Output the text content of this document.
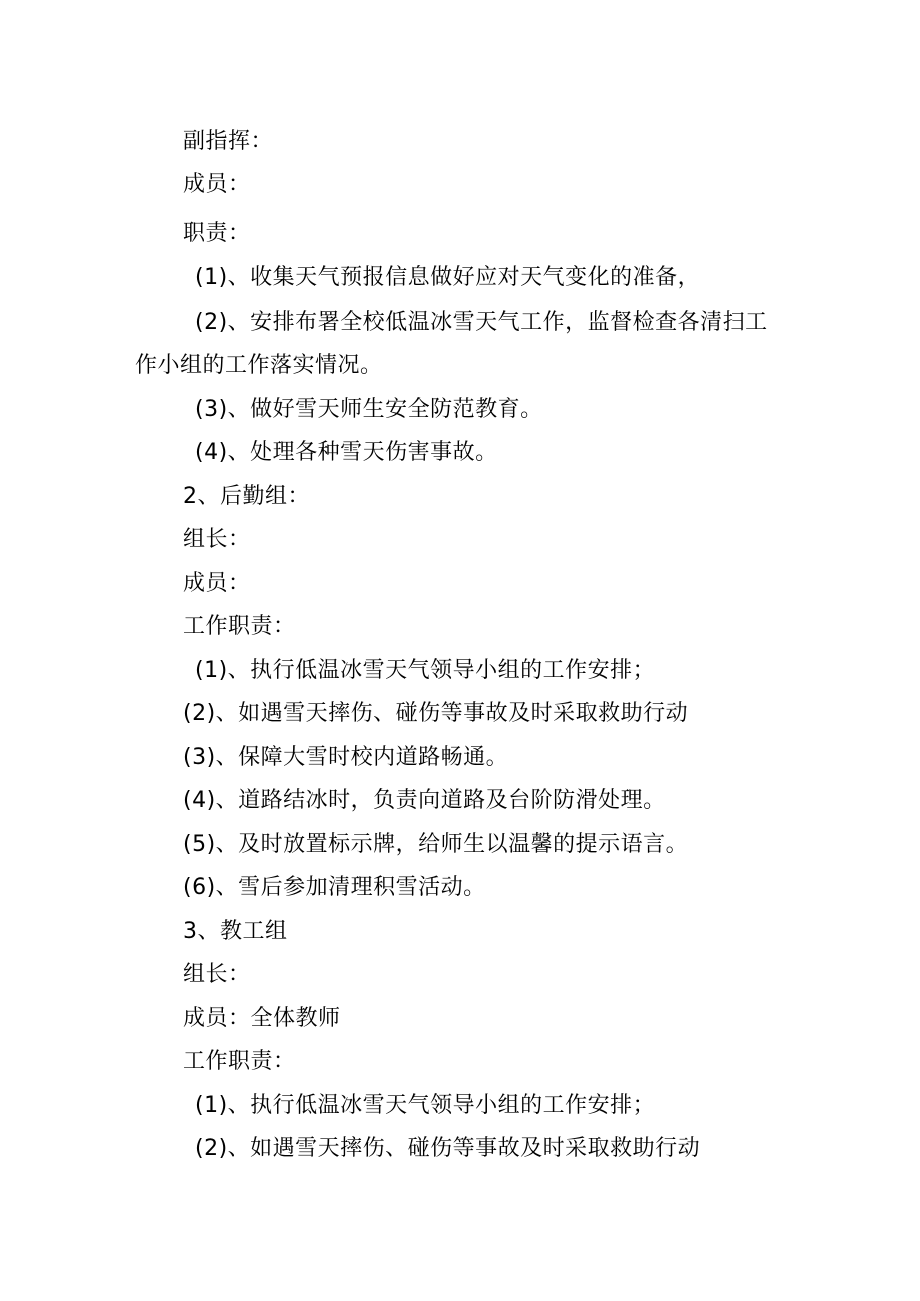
副指挥：
成员：
职责：
(1)、收集天气预报信息做好应对天气变化的准备，
(2)、安排布署全校低温冰雪天气工作，监督检查各清扫工
作小组的工作落实情况。
(3)、做好雪天师生安全防范教育。
(4)、处理各种雪天伤害事故。
2、后勤组：
组长：
成员：
工作职责：
(1)、执行低温冰雪天气领导小组的工作安排；
(2)、如遇雪天摔伤、碰伤等事故及时采取救助行动
(3)、保障大雪时校内道路畅通。
(4)、道路结冰时，负责向道路及台阶防滑处理。
(5)、及时放置标示牌，给师生以温馨的提示语言。
(6)、雪后参加清理积雪活动。
3、教工组
组长：
成员：全体教师
工作职责：
(1)、执行低温冰雪天气领导小组的工作安排；
(2)、如遇雪天摔伤、碰伤等事故及时采取救助行动
